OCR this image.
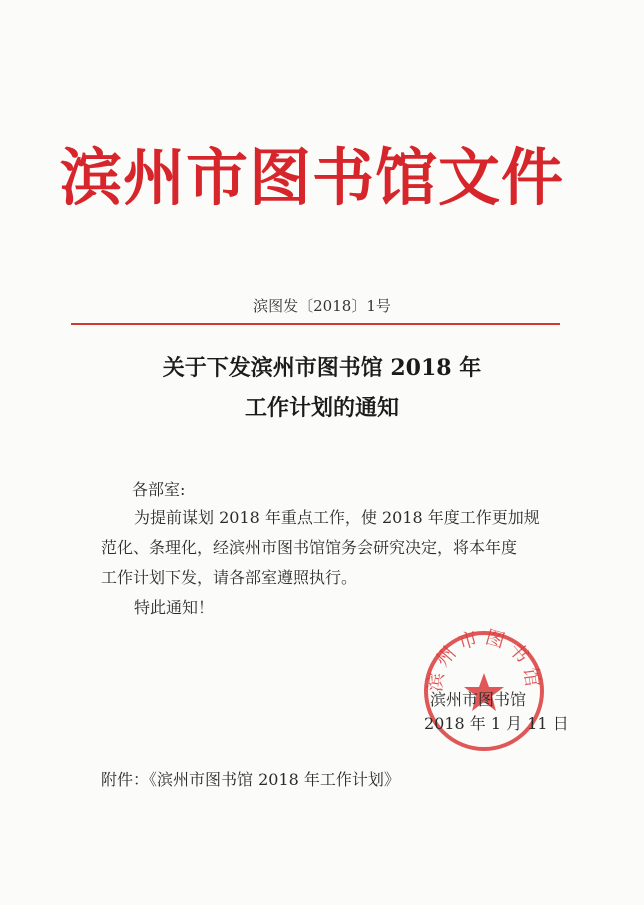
滨州市图书馆文件
滨图发〔2018〕1号
关于下发滨州市图书馆 2018 年
工作计划的通知
各部室:
为提前谋划 2018 年重点工作，使 2018 年度工作更加规
范化、条理化，经滨州市图书馆馆务会研究决定，将本年度
工作计划下发，请各部室遵照执行。
特此通知！
滨州市图书馆
滨州市图书馆
2018 年 1 月 11 日
附件：《滨州市图书馆 2018 年工作计划》
